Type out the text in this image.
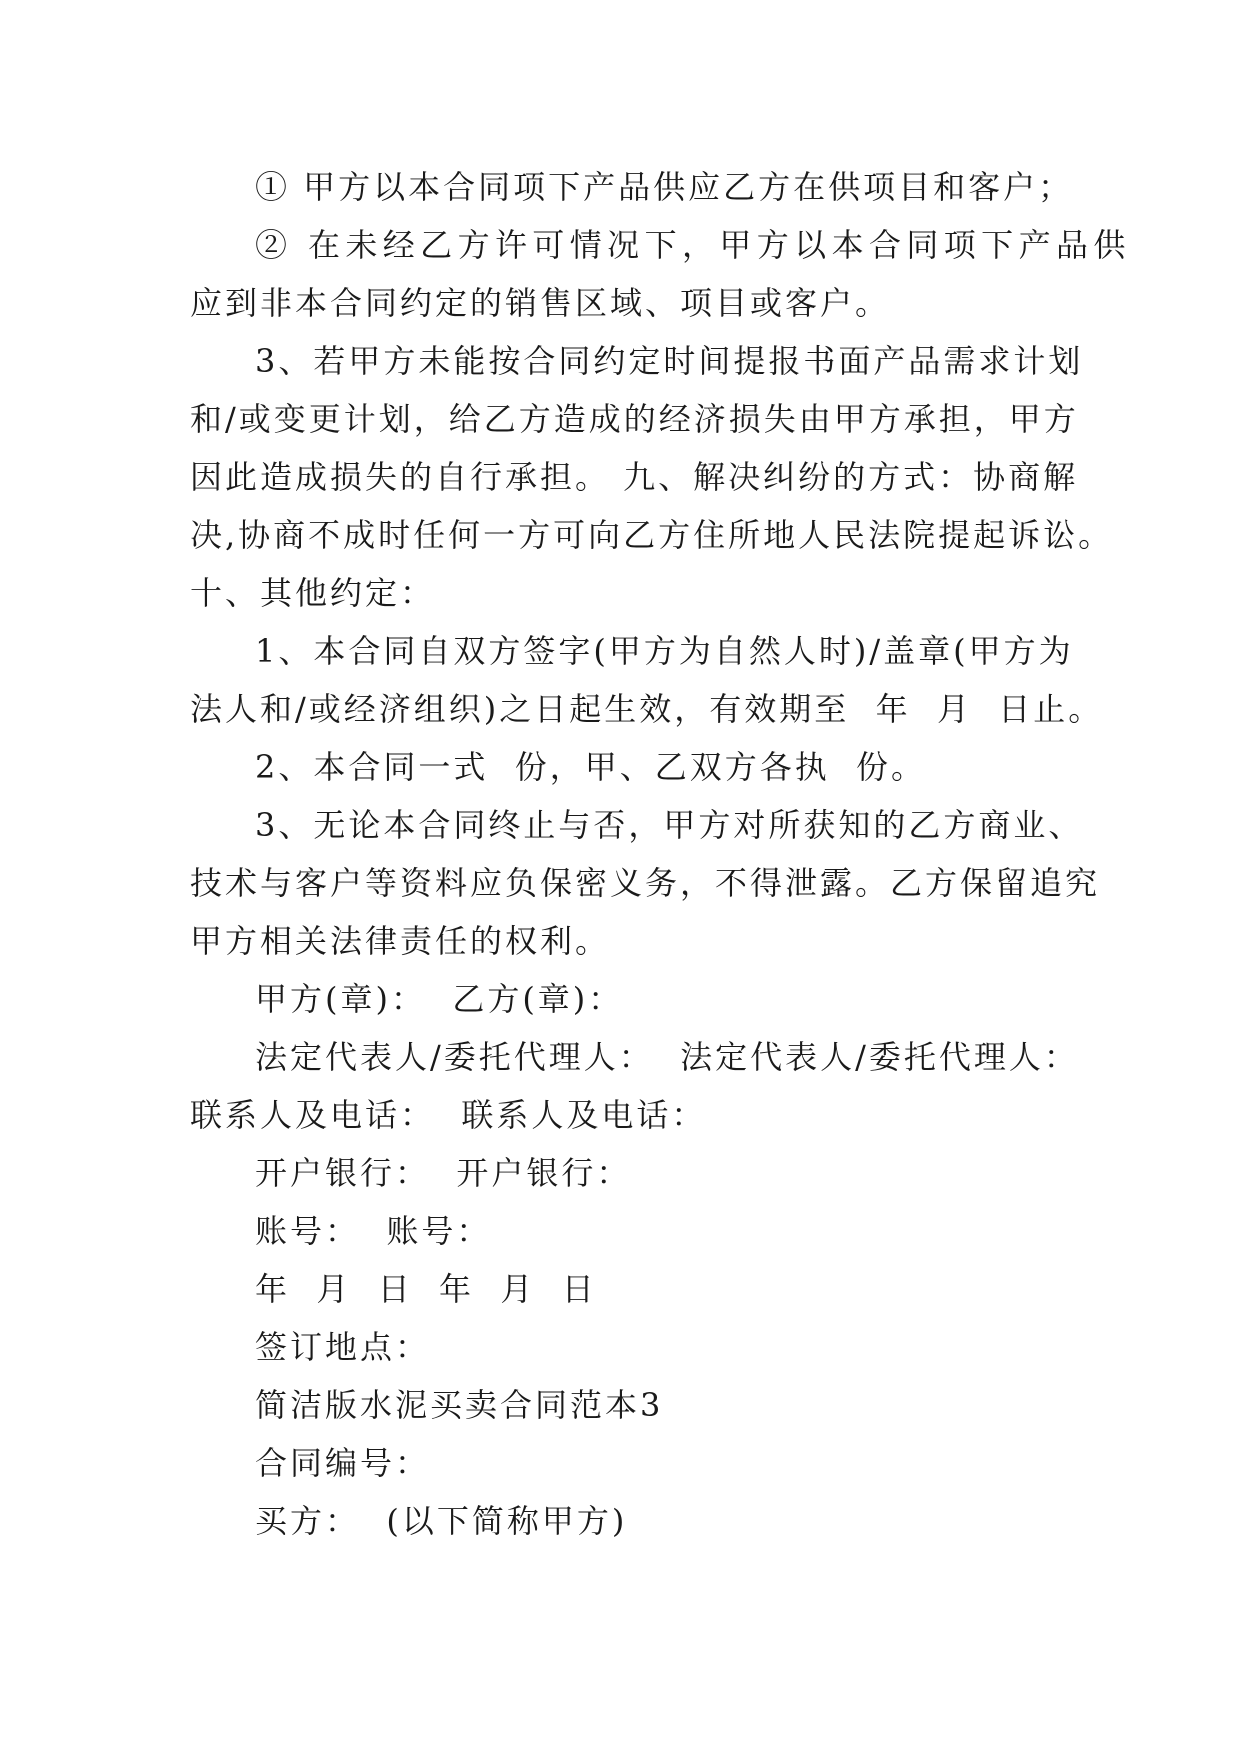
① 甲方以本合同项下产品供应乙方在供项目和客户；
② 在未经乙方许可情况下，甲方以本合同项下产品供
应到非本合同约定的销售区域、项目或客户。
3、若甲方未能按合同约定时间提报书面产品需求计划
和/或变更计划，给乙方造成的经济损失由甲方承担，甲方
因此造成损失的自行承担。 九、解决纠纷的方式：协商解
决,协商不成时任何一方可向乙方住所地人民法院提起诉讼。
十、其他约定：
1、本合同自双方签字(甲方为自然人时)/盖章(甲方为
法人和/或经济组织)之日起生效，有效期至  年  月  日止。
2、本合同一式  份，甲、乙双方各执  份。
3、无论本合同终止与否，甲方对所获知的乙方商业、
技术与客户等资料应负保密义务，不得泄露。乙方保留追究
甲方相关法律责任的权利。
甲方(章)：  乙方(章)：
法定代表人/委托代理人：  法定代表人/委托代理人：
联系人及电话：  联系人及电话：
开户银行：  开户银行：
账号：  账号：
年  月  日  年  月  日
签订地点：
简洁版水泥买卖合同范本3
合同编号：
买方：  (以下简称甲方)
